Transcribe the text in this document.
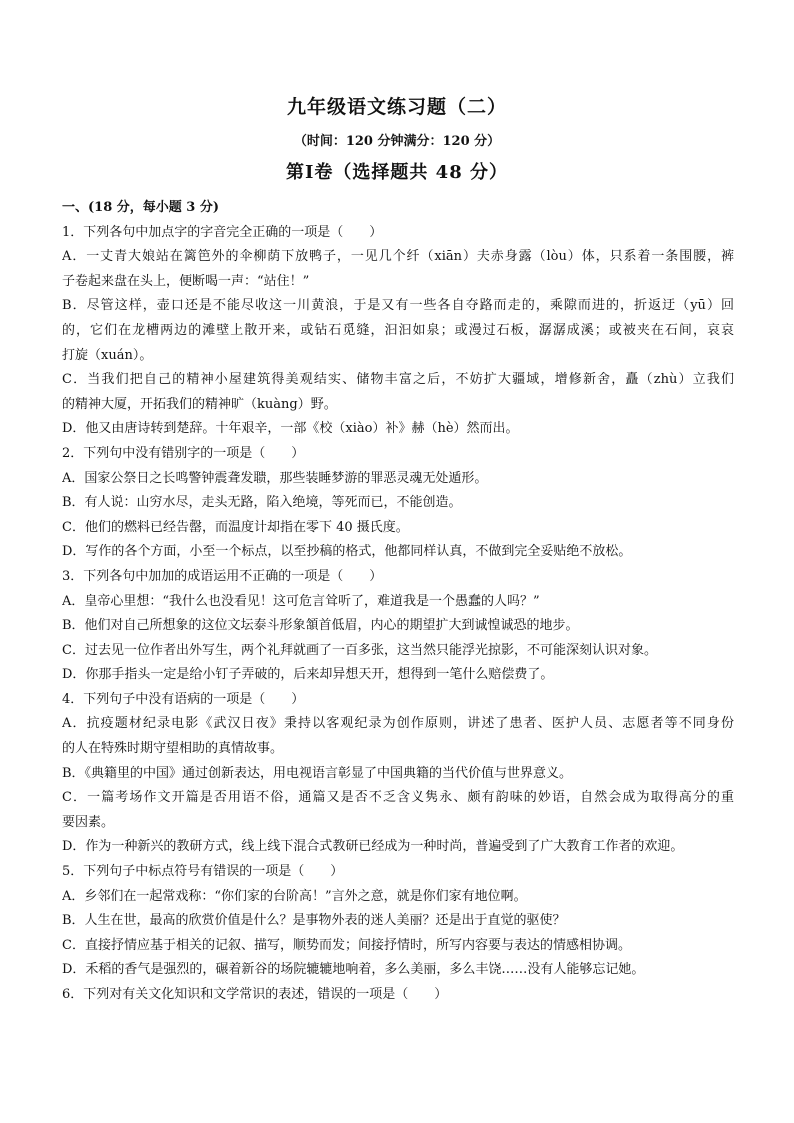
九年级语文练习题（二）
（时间：120 分钟满分：120 分）
第Ⅰ卷（选择题共 48 分）
一、(18 分，每小题 3 分)
1．下列各句中加点字的字音完全正确的一项是（　　）
A．一丈青大娘站在篱笆外的伞柳荫下放鸭子，一见几个纤（xiān）夫赤身露（lòu）体，只系着一条围腰，裤
子卷起来盘在头上，便断喝一声：“站住！”
B．尽管这样，壶口还是不能尽收这一川黄浪，于是又有一些各自夺路而走的，乘隙而进的，折返迂（yū）回
的，它们在龙槽两边的滩壁上散开来，或钻石觅缝，汩汩如泉；或漫过石板，潺潺成溪；或被夹在石间，哀哀
打旋（xuán）。
C．当我们把自己的精神小屋建筑得美观结实、储物丰富之后，不妨扩大疆域，增修新舍，矗（zhù）立我们
的精神大厦，开拓我们的精神旷（kuàng）野。
D．他又由唐诗转到楚辞。十年艰辛，一部《校（xiào）补》赫（hè）然而出。
2．下列句中没有错别字的一项是（　　）
A．国家公祭日之长鸣警钟震聋发聩，那些装睡梦游的罪恶灵魂无处遁形。
B．有人说：山穷水尽，走头无路，陷入绝境，等死而已，不能创造。
C．他们的燃料已经告罄，而温度计却指在零下 40 摄氏度。
D．写作的各个方面，小至一个标点，以至抄稿的格式，他都同样认真，不做到完全妥贴绝不放松。
3．下列各句中加加的成语运用不正确的一项是（　　）
A．皇帝心里想：“我什么也没看见！这可危言耸听了，难道我是一个愚蠢的人吗？”
B．他们对自己所想象的这位文坛泰斗形象頷首低眉，内心的期望扩大到诚惶诚恐的地步。
C．过去见一位作者出外写生，两个礼拜就画了一百多张，这当然只能浮光掠影，不可能深刻认识对象。
D．你那手指头一定是给小钉子弄破的，后来却异想天开，想得到一笔什么赔偿费了。
4．下列句子中没有语病的一项是（　　）
A．抗疫题材纪录电影《武汉日夜》秉持以客观纪录为创作原则，讲述了患者、医护人员、志愿者等不同身份
的人在特殊时期守望相助的真情故事。
B．《典籍里的中国》通过创新表达，用电视语言彰显了中国典籍的当代价值与世界意义。
C．一篇考场作文开篇是否用语不俗，通篇又是否不乏含义隽永、颇有韵味的妙语，自然会成为取得高分的重
要因素。
D．作为一种新兴的教研方式，线上线下混合式教研已经成为一种时尚，普遍受到了广大教育工作者的欢迎。
5．下列句子中标点符号有错误的一项是（　　）
A．乡邻们在一起常戏称：“你们家的台阶高！”言外之意，就是你们家有地位啊。
B．人生在世，最高的欣赏价值是什么？是事物外表的迷人美丽？还是出于直觉的驱使？
C．直接抒情应基于相关的记叙、描写，顺势而发；间接抒情时，所写内容要与表达的情感相协调。
D．禾稻的香气是强烈的，碾着新谷的场院辘辘地响着，多么美丽，多么丰饶……没有人能够忘记她。
6．下列对有关文化知识和文学常识的表述，错误的一项是（　　）
